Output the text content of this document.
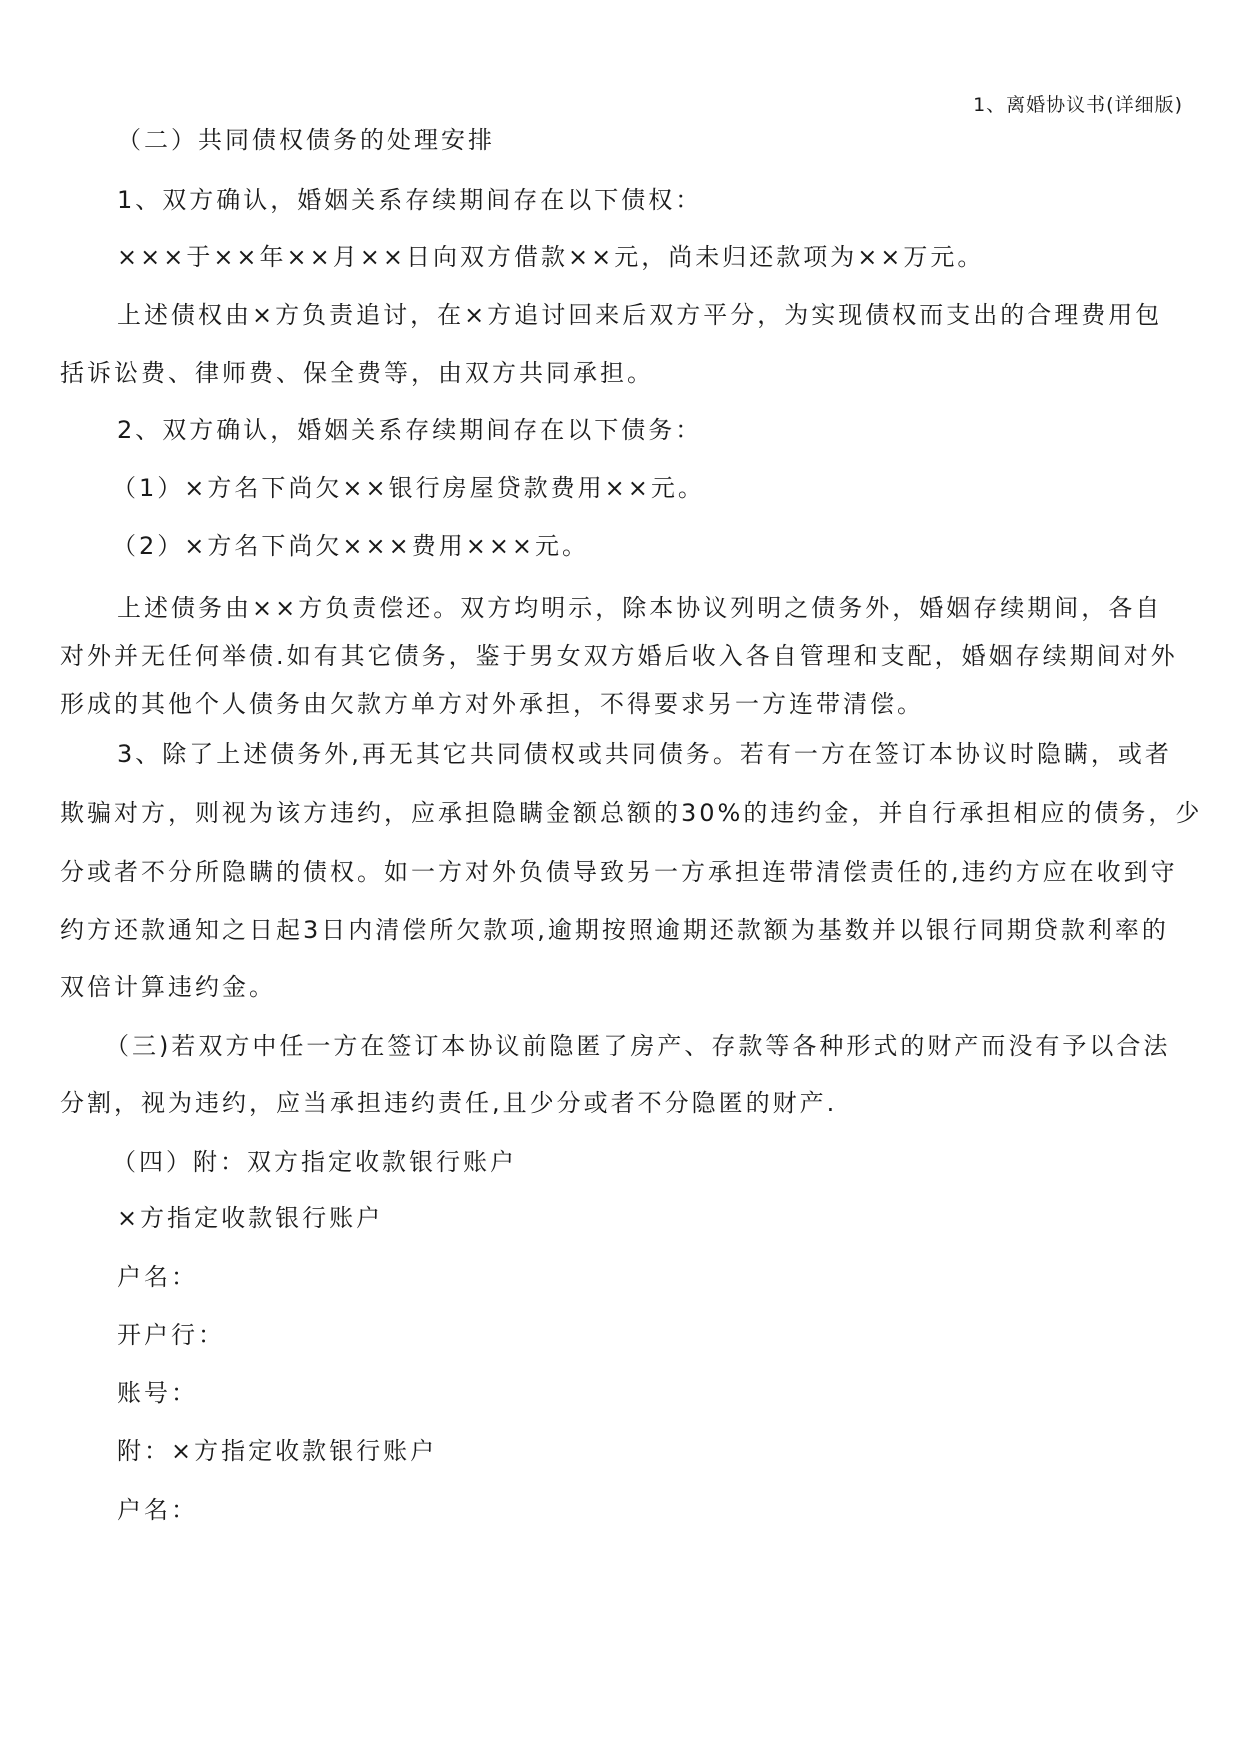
1、离婚协议书(详细版)
（二）共同债权债务的处理安排
1、双方确认，婚姻关系存续期间存在以下债权：
×××于××年××月××日向双方借款××元，尚未归还款项为××万元。
上述债权由×方负责追讨，在×方追讨回来后双方平分，为实现债权而支出的合理费用包
括诉讼费、律师费、保全费等，由双方共同承担。
2、双方确认，婚姻关系存续期间存在以下债务：
（1）×方名下尚欠××银行房屋贷款费用××元。
（2）×方名下尚欠×××费用×××元。
上述债务由××方负责偿还。双方均明示，除本协议列明之债务外，婚姻存续期间，各自
对外并无任何举债.如有其它债务，鉴于男女双方婚后收入各自管理和支配，婚姻存续期间对外
形成的其他个人债务由欠款方单方对外承担，不得要求另一方连带清偿。
3、除了上述债务外,再无其它共同债权或共同债务。若有一方在签订本协议时隐瞒，或者
欺骗对方，则视为该方违约，应承担隐瞒金额总额的30%的违约金，并自行承担相应的债务，少
分或者不分所隐瞒的债权。如一方对外负债导致另一方承担连带清偿责任的,违约方应在收到守
约方还款通知之日起3日内清偿所欠款项,逾期按照逾期还款额为基数并以银行同期贷款利率的
双倍计算违约金。
（三)若双方中任一方在签订本协议前隐匿了房产、存款等各种形式的财产而没有予以合法
分割，视为违约，应当承担违约责任,且少分或者不分隐匿的财产.
（四）附：双方指定收款银行账户
×方指定收款银行账户
户名：
开户行：
账号：
附：×方指定收款银行账户
户名：
